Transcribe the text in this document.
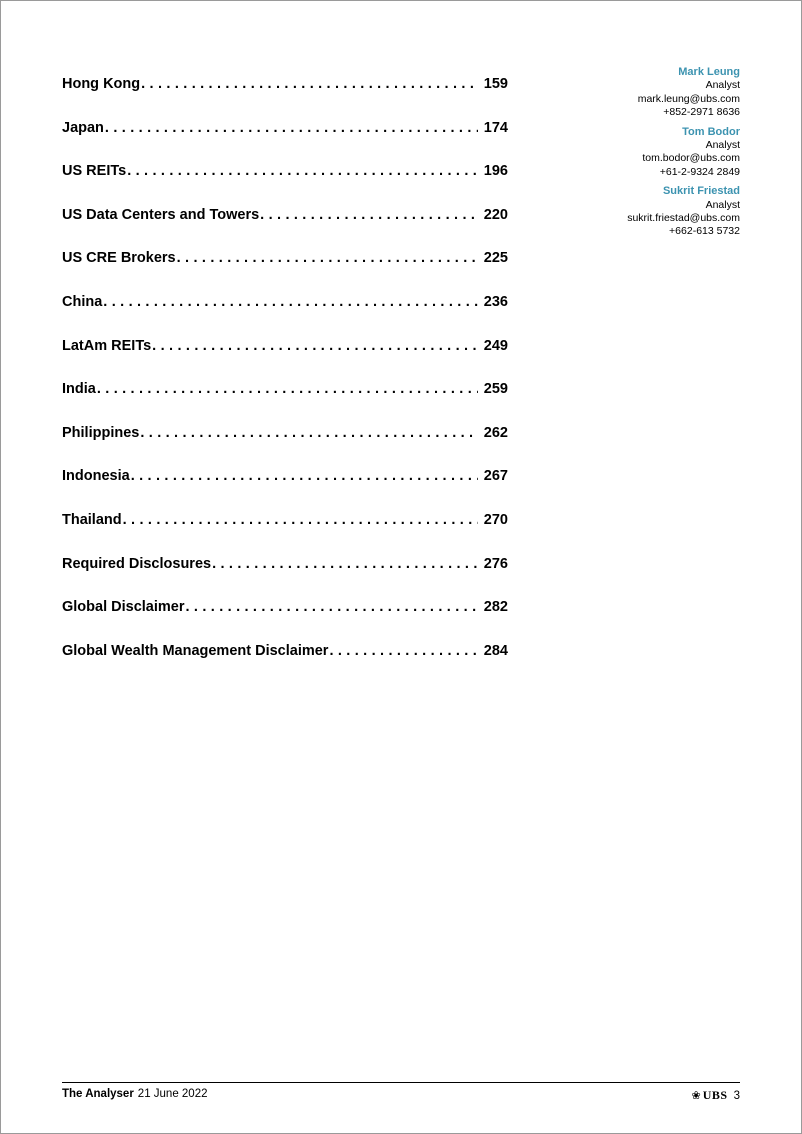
Hong Kong .....	159
Japan .....	174
US REITs .....	196
US Data Centers and Towers .....	220
US CRE Brokers .....	225
China .....	236
LatAm REITs .....	249
India .....	259
Philippines .....	262
Indonesia .....	267
Thailand .....	270
Required Disclosures .....	276
Global Disclaimer .....	282
Global Wealth Management Disclaimer .....	284
Mark Leung
Analyst
mark.leung@ubs.com
+852-2971 8636
Tom Bodor
Analyst
tom.bodor@ubs.com
+61-2-9324 2849
Sukrit Friestad
Analyst
sukrit.friestad@ubs.com
+662-613 5732
The Analyser 21 June 2022	❀ UBS 3
